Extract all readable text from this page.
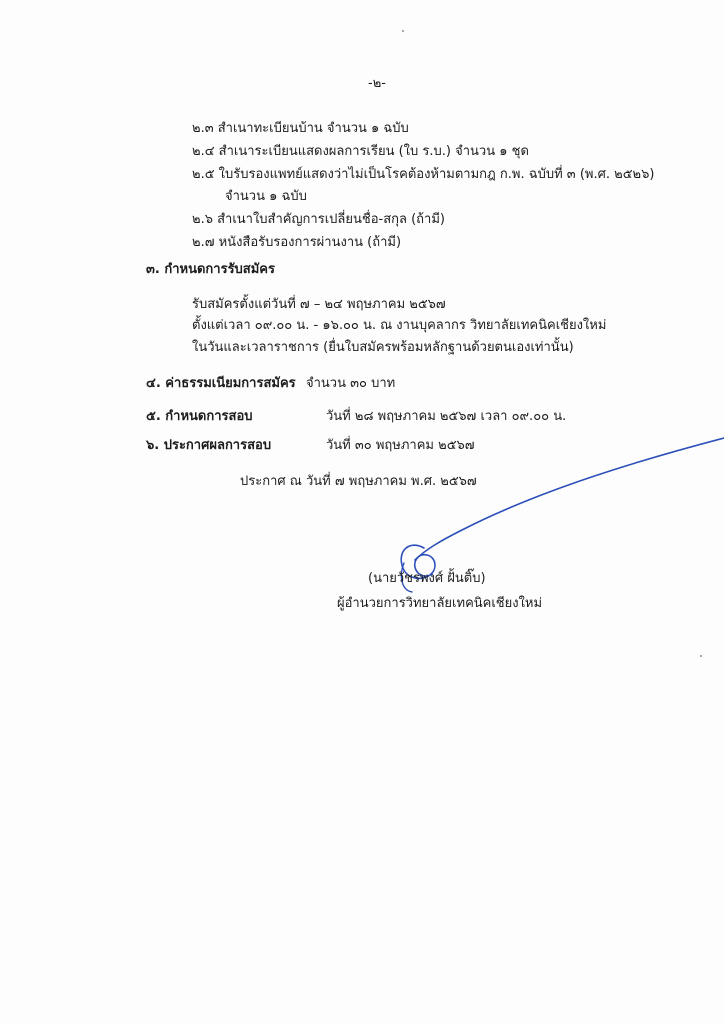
-๒-
๒.๓ สำเนาทะเบียนบ้าน จำนวน ๑ ฉบับ
๒.๔ สำเนาระเบียนแสดงผลการเรียน (ใบ ร.บ.) จำนวน ๑ ชุด
๒.๕ ใบรับรองแพทย์แสดงว่าไม่เป็นโรคต้องห้ามตามกฎ ก.พ. ฉบับที่ ๓ (พ.ศ. ๒๕๒๖)
จำนวน ๑ ฉบับ
๒.๖ สำเนาใบสำคัญการเปลี่ยนชื่อ-สกุล (ถ้ามี)
๒.๗ หนังสือรับรองการผ่านงาน (ถ้ามี)
๓. กำหนดการรับสมัคร
รับสมัครตั้งแต่วันที่ ๗ – ๒๔ พฤษภาคม ๒๕๖๗
ตั้งแต่เวลา ๐๙.๐๐ น. - ๑๖.๐๐ น. ณ งานบุคลากร วิทยาลัยเทคนิคเชียงใหม่
ในวันและเวลาราชการ (ยื่นใบสมัครพร้อมหลักฐานด้วยตนเองเท่านั้น)
๔. ค่าธรรมเนียมการสมัคร จำนวน ๓๐ บาท
๕. กำหนดการสอบ	วันที่ ๒๘ พฤษภาคม ๒๕๖๗ เวลา ๐๙.๐๐ น.
๖. ประกาศผลการสอบ	วันที่ ๓๐ พฤษภาคม ๒๕๖๗
ประกาศ ณ วันที่ ๗ พฤษภาคม พ.ศ. ๒๕๖๗
(นายวัชรพงศ์ ฝั้นติ๊บ)
ผู้อำนวยการวิทยาลัยเทคนิคเชียงใหม่
